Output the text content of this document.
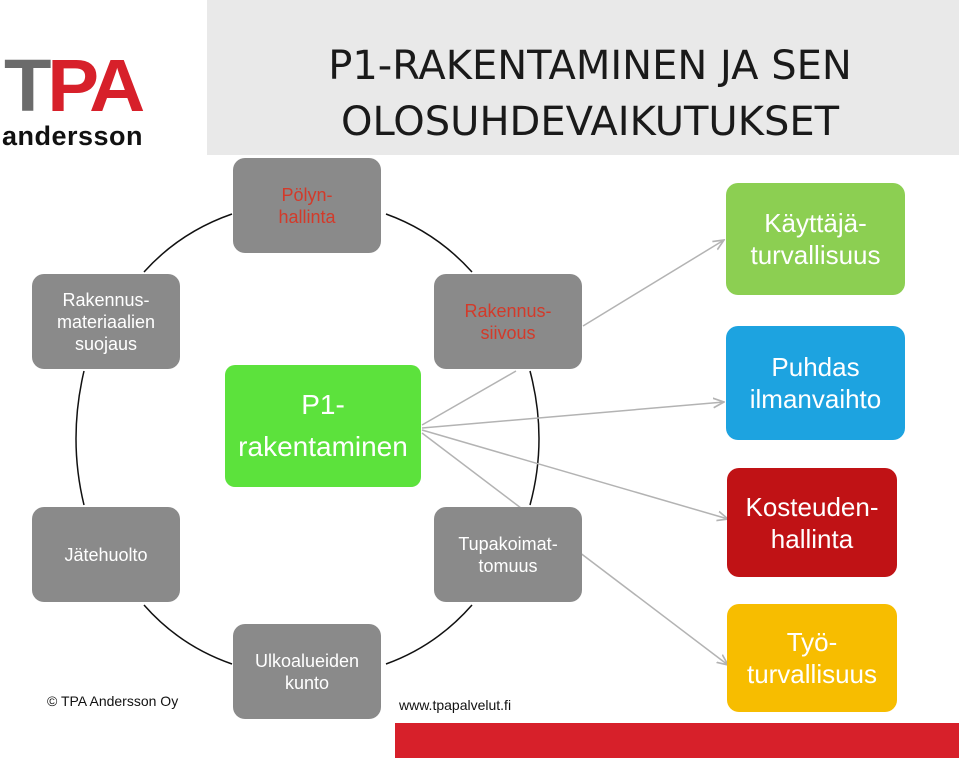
P1-RAKENTAMINEN JA SEN
OLOSUHDEVAIKUTUKSET
TPA
andersson
Pölyn-
hallinta
Rakennus-
siivous
Tupakoimat-
tomuus
Ulkoalueiden
kunto
Jätehuolto
Rakennus-
materiaalien
suojaus
P1-
rakentaminen
Käyttäjä-
turvallisuus
Puhdas
ilmanvaihto
Kosteuden-
hallinta
Työ-
turvallisuus
© TPA Andersson Oy	www.tpapalvelut.fi
